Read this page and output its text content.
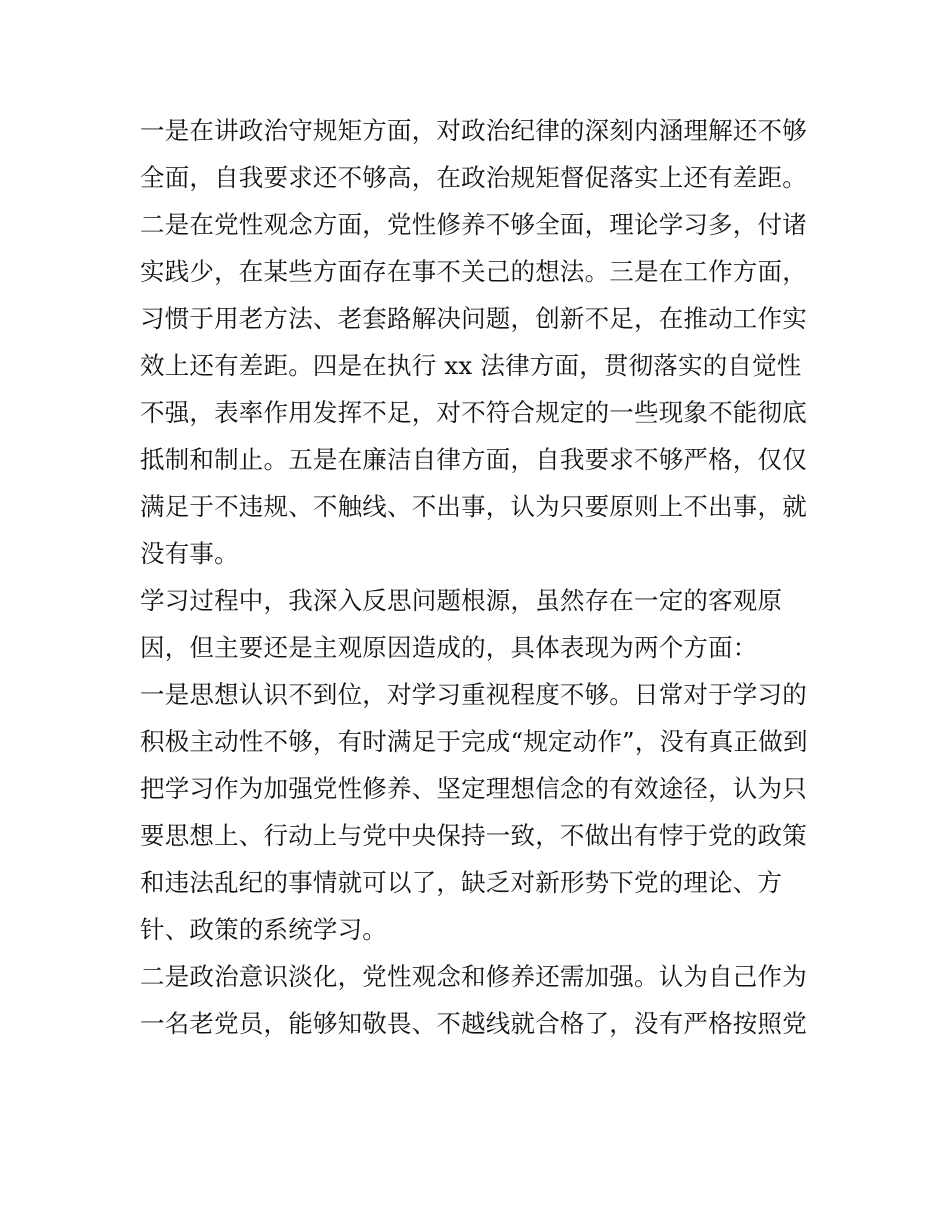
一是在讲政治守规矩方面，对政治纪律的深刻内涵理解还不够
全面，自我要求还不够高，在政治规矩督促落实上还有差距。
二是在党性观念方面，党性修养不够全面，理论学习多，付诸
实践少，在某些方面存在事不关己的想法。三是在工作方面，
习惯于用老方法、老套路解决问题，创新不足，在推动工作实
效上还有差距。四是在执行 xx 法律方面，贯彻落实的自觉性
不强，表率作用发挥不足，对不符合规定的一些现象不能彻底
抵制和制止。五是在廉洁自律方面，自我要求不够严格，仅仅
满足于不违规、不触线、不出事，认为只要原则上不出事，就
没有事。
学习过程中，我深入反思问题根源，虽然存在一定的客观原
因，但主要还是主观原因造成的，具体表现为两个方面：
一是思想认识不到位，对学习重视程度不够。日常对于学习的
积极主动性不够，有时满足于完成“规定动作”，没有真正做到
把学习作为加强党性修养、坚定理想信念的有效途径，认为只
要思想上、行动上与党中央保持一致，不做出有悖于党的政策
和违法乱纪的事情就可以了，缺乏对新形势下党的理论、方
针、政策的系统学习。
二是政治意识淡化，党性观念和修养还需加强。认为自己作为
一名老党员，能够知敬畏、不越线就合格了，没有严格按照党
